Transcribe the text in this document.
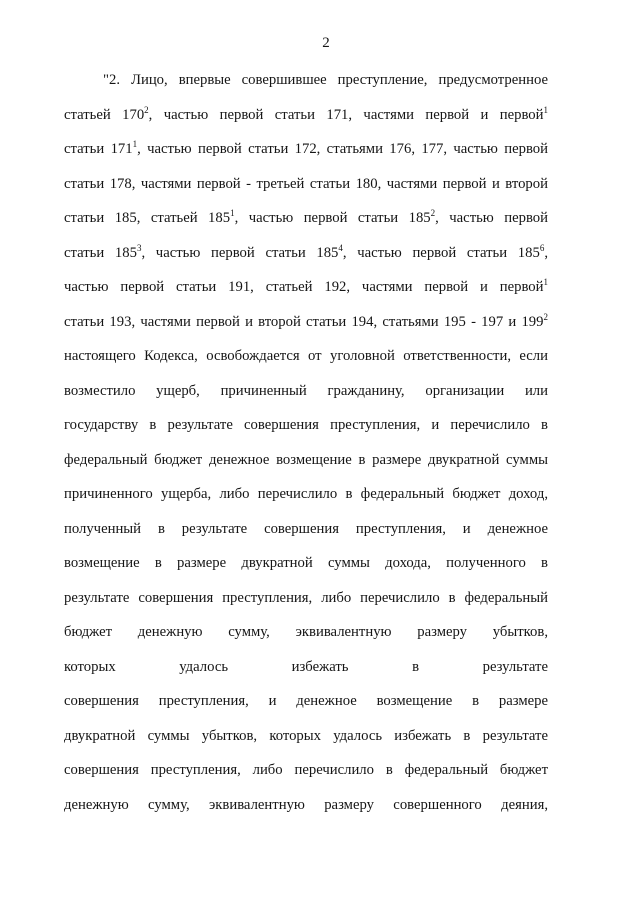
2
"2. Лицо, впервые совершившее преступление, предусмотренное
статьей $170^2$, частью первой статьи 171, частями первой и первой$^1$
статьи $171^1$, частью первой статьи 172, статьями 176, 177, частью первой
статьи 178, частями первой - третьей статьи 180, частями первой и второй
статьи 185, статьей $185^1$, частью первой статьи $185^2$, частью первой
статьи $185^3$, частью первой статьи $185^4$, частью первой статьи $185^6$,
частью первой статьи 191, статьей 192, частями первой и первой$^1$
статьи 193, частями первой и второй статьи 194, статьями 195 - 197 и $199^2$
настоящего Кодекса, освобождается от уголовной ответственности, если
возместило ущерб, причиненный гражданину, организации или
государству в результате совершения преступления, и перечислило в
федеральный бюджет денежное возмещение в размере двукратной суммы
причиненного ущерба, либо перечислило в федеральный бюджет доход,
полученный в результате совершения преступления, и денежное
возмещение в размере двукратной суммы дохода, полученного в
результате совершения преступления, либо перечислило в федеральный
бюджет денежную сумму, эквивалентную размеру убытков,
которых удалось избежать в результате
совершения преступления, и денежное возмещение в размере
двукратной суммы убытков, которых удалось избежать в результате
совершения преступления, либо перечислило в федеральный бюджет
денежную сумму, эквивалентную размеру совершенного деяния,
